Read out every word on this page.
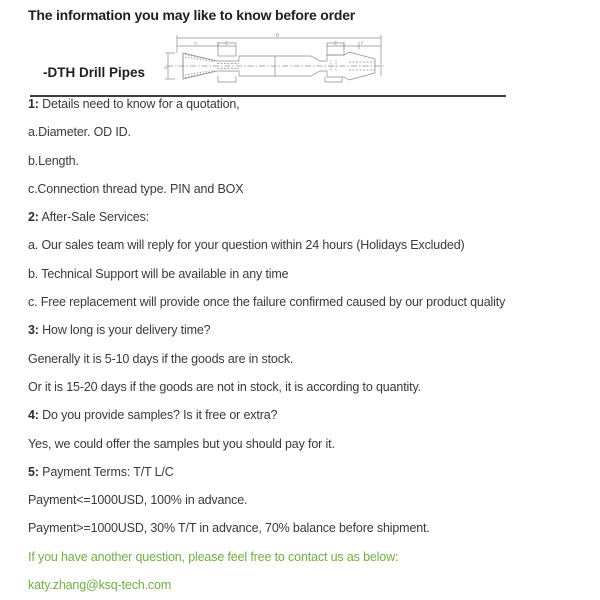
The information you may like to know before order
B
A	E	E	F
C
-DTH Drill Pipes
1: Details need to know for a quotation,
a.Diameter. OD ID.
b.Length.
c.Connection thread type. PIN and BOX
2: After-Sale Services:
a. Our sales team will reply for your question within 24 hours (Holidays Excluded)
b. Technical Support will be available in any time
c. Free replacement will provide once the failure confirmed caused by our product quality
3: How long is your delivery time?
Generally it is 5-10 days if the goods are in stock.
Or it is 15-20 days if the goods are not in stock, it is according to quantity.
4: Do you provide samples? Is it free or extra?
Yes, we could offer the samples but you should pay for it.
5: Payment Terms: T/T L/C
Payment<=1000USD, 100% in advance.
Payment>=1000USD, 30% T/T in advance, 70% balance before shipment.
If you have another question, please feel free to contact us as below:
katy.zhang@ksq-tech.com
